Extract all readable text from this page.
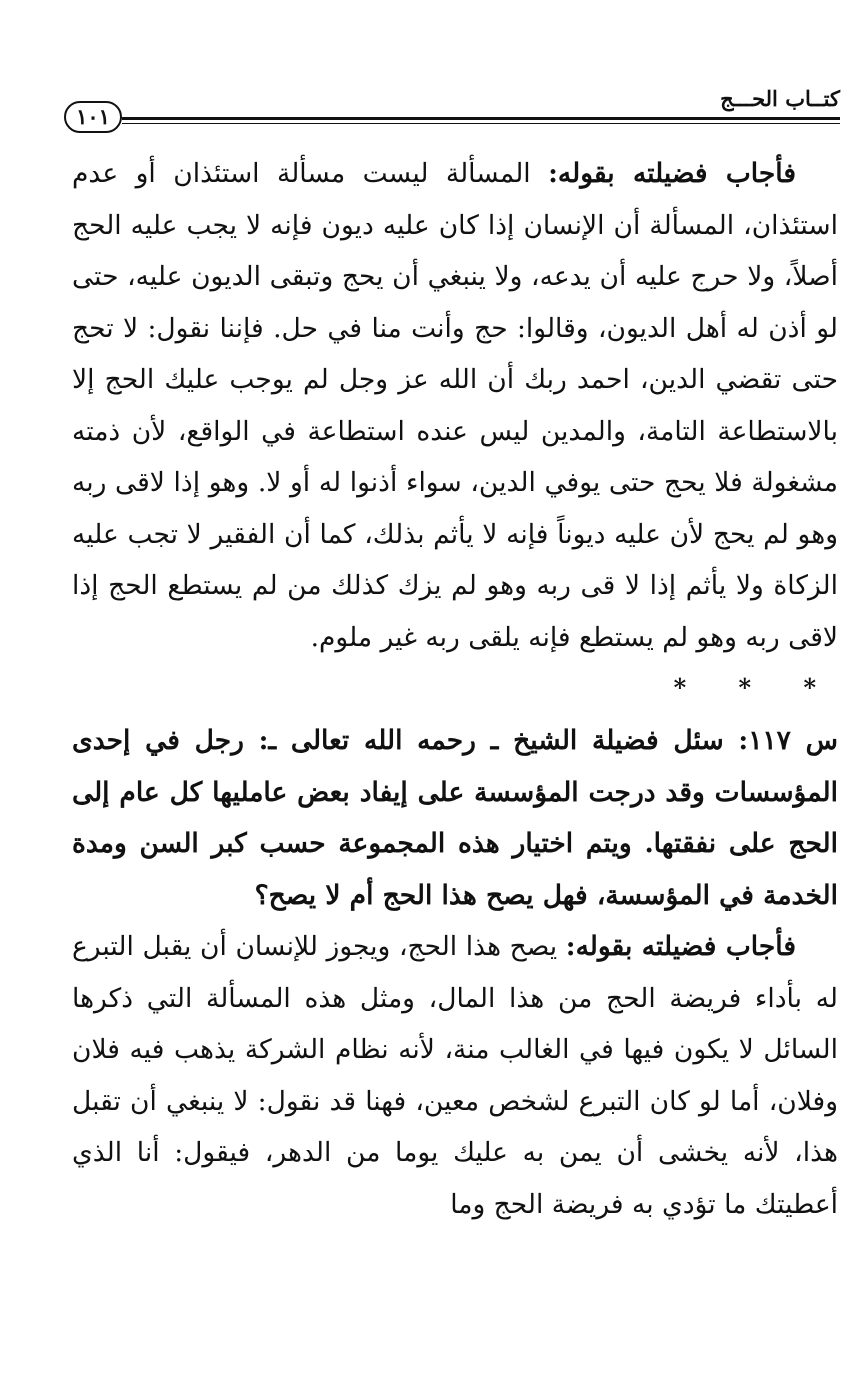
كتــاب الحـــج
١٠١

فأجاب فضيلته بقوله: المسألة ليست مسألة استئذان أو عدم استئذان، المسألة أن الإنسان إذا كان عليه ديون فإنه لا يجب عليه الحج أصلاً، ولا حرج عليه أن يدعه، ولا ينبغي أن يحج وتبقى الديون عليه، حتى لو أذن له أهل الديون، وقالوا: حج وأنت منا في حل. فإننا نقول: لا تحج حتى تقضي الدين، احمد ربك أن الله عز وجل لم يوجب عليك الحج إلا بالاستطاعة التامة، والمدين ليس عنده استطاعة في الواقع، لأن ذمته مشغولة فلا يحج حتى يوفي الدين، سواء أذنوا له أو لا. وهو إذا لاقى ربه وهو لم يحج لأن عليه ديوناً فإنه لا يأثم بذلك، كما أن الفقير لا تجب عليه الزكاة ولا يأثم إذا لا قى ربه وهو لم يزك كذلك من لم يستطع الحج إذا لاقى ربه وهو لم يستطع فإنه يلقى ربه غير ملوم.

* * *

س ١١٧: سئل فضيلة الشيخ ـ رحمه الله تعالى ـ: رجل في إحدى المؤسسات وقد درجت المؤسسة على إيفاد بعض عامليها كل عام إلى الحج على نفقتها. ويتم اختيار هذه المجموعة حسب كبر السن ومدة الخدمة في المؤسسة، فهل يصح هذا الحج أم لا يصح؟

فأجاب فضيلته بقوله: يصح هذا الحج، ويجوز للإنسان أن يقبل التبرع له بأداء فريضة الحج من هذا المال، ومثل هذه المسألة التي ذكرها السائل لا يكون فيها في الغالب منة، لأنه نظام الشركة يذهب فيه فلان وفلان، أما لو كان التبرع لشخص معين، فهنا قد نقول: لا ينبغي أن تقبل هذا، لأنه يخشى أن يمن به عليك يوما من الدهر، فيقول: أنا الذي أعطيتك ما تؤدي به فريضة الحج وما
